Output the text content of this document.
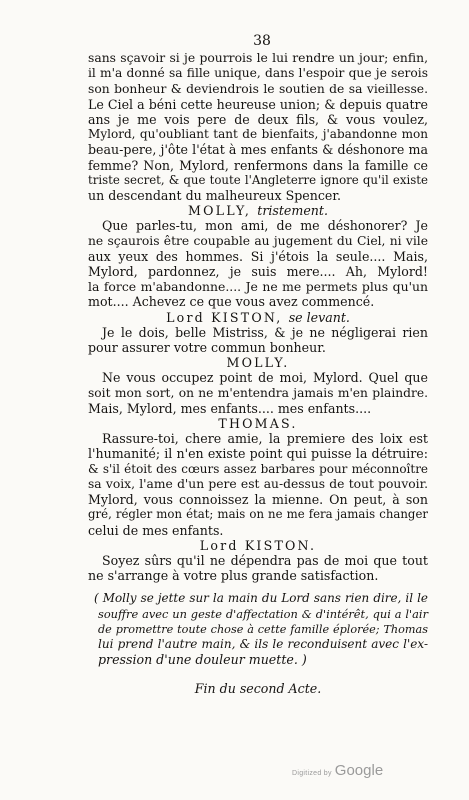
38
sans sçavoir si je pourrois le lui rendre un jour; enfin,
il m'a donné sa fille unique, dans l'espoir que je serois
son bonheur & deviendrois le soutien de sa vieillesse.
Le Ciel a béni cette heureuse union; & depuis quatre
ans je me vois pere de deux fils, & vous voulez,
Mylord, qu'oubliant tant de bienfaits, j'abandonne mon
beau-pere, j'ôte l'état à mes enfants & déshonore ma
femme? Non, Mylord, renfermons dans la famille ce
triste secret, & que toute l'Angleterre ignore qu'il existe
un descendant du malheureux Spencer.
MOLLY, tristement.
Que parles-tu, mon ami, de me déshonorer? Je
ne sçaurois être coupable au jugement du Ciel, ni vile
aux yeux des hommes. Si j'étois la seule.... Mais,
Mylord, pardonnez, je suis mere.... Ah, Mylord!
la force m'abandonne.... Je ne me permets plus qu'un
mot.... Achevez ce que vous avez commencé.
Lord KISTON, se levant.
Je le dois, belle Mistriss, & je ne négligerai rien
pour assurer votre commun bonheur.
MOLLY.
Ne vous occupez point de moi, Mylord. Quel que
soit mon sort, on ne m'entendra jamais m'en plaindre.
Mais, Mylord, mes enfants.... mes enfants....
THOMAS.
Rassure-toi, chere amie, la premiere des loix est
l'humanité; il n'en existe point qui puisse la détruire:
& s'il étoit des cœurs assez barbares pour méconnoître
sa voix, l'ame d'un pere est au-dessus de tout pouvoir.
Mylord, vous connoissez la mienne. On peut, à son
gré, régler mon état; mais on ne me fera jamais changer
celui de mes enfants.
Lord KISTON.
Soyez sûrs qu'il ne dépendra pas de moi que tout
ne s'arrange à votre plus grande satisfaction.
( Molly se jette sur la main du Lord sans rien dire, il le
souffre avec un geste d'affectation & d'intérêt, qui a l'air
de promettre toute chose à cette famille éplorée; Thomas
lui prend l'autre main, & ils le reconduisent avec l'ex-
pression d'une douleur muette. )
Fin du second Acte.
Digitized by Google
